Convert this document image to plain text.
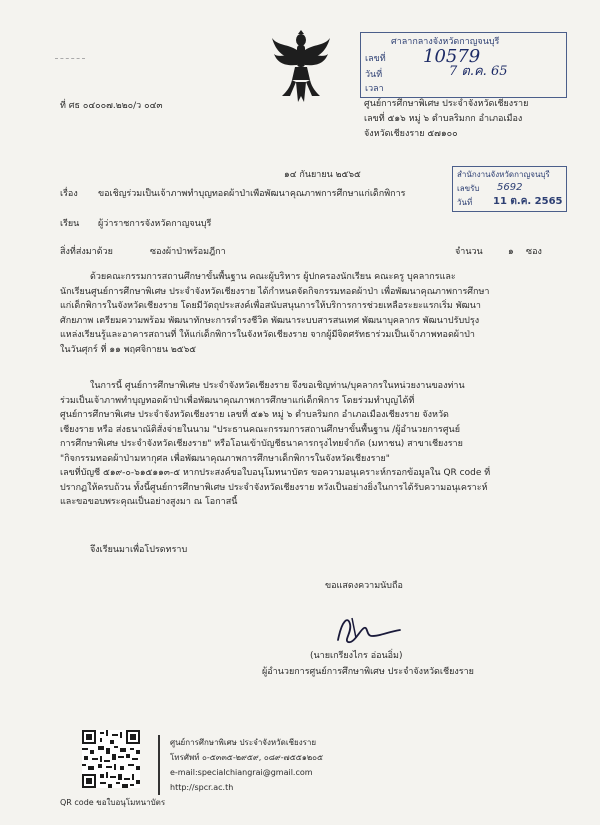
ศาลากลางจังหวัดกาญจนบุรี
เลขที่ 10579
วันที่	7 ต.ค. 65
เวลา
ที่ ศธ ๐๔๐๐๗.๒๒๐/ว ๐๔๓	ศูนย์การศึกษาพิเศษ ประจำจังหวัดเชียงราย
เลขที่ ๕๑๖ หมู่ ๖ ตำบลริมกก อำเภอเมือง
จังหวัดเชียงราย ๕๗๑๐๐
๑๔ กันยายน ๒๕๖๕	สำนักงานจังหวัดกาญจนบุรี
เลขรับ 5692
วันที่ 11 ต.ค. 2565
เรื่อง ขอเชิญร่วมเป็นเจ้าภาพทำบุญทอดผ้าป่าเพื่อพัฒนาคุณภาพการศึกษาแก่เด็กพิการ
เรียน ผู้ว่าราชการจังหวัดกาญจนบุรี
สิ่งที่ส่งมาด้วย	ซองผ้าป่าพร้อมฎีกา	จำนวน	๑ ซอง
ด้วยคณะกรรมการสถานศึกษาขั้นพื้นฐาน คณะผู้บริหาร ผู้ปกครองนักเรียน คณะครู บุคลากรและ
นักเรียนศูนย์การศึกษาพิเศษ ประจำจังหวัดเชียงราย ได้กำหนดจัดกิจกรรมทอดผ้าป่า เพื่อพัฒนาคุณภาพการศึกษา
แก่เด็กพิการในจังหวัดเชียงราย โดยมีวัตถุประสงค์เพื่อสนับสนุนการให้บริการการช่วยเหลือระยะแรกเริ่ม พัฒนา
ศักยภาพ เตรียมความพร้อม พัฒนาทักษะการดำรงชีวิต พัฒนาระบบสารสนเทศ พัฒนาบุคลากร พัฒนาปรับปรุง
แหล่งเรียนรู้และอาคารสถานที่ ให้แก่เด็กพิการในจังหวัดเชียงราย จากผู้มีจิตศรัทธาร่วมเป็นเจ้าภาพทอดผ้าป่า
ในวันศุกร์ ที่ ๑๑ พฤศจิกายน ๒๕๖๕
ในการนี้ ศูนย์การศึกษาพิเศษ ประจำจังหวัดเชียงราย จึงขอเชิญท่าน/บุคลากรในหน่วยงานของท่าน
ร่วมเป็นเจ้าภาพทำบุญทอดผ้าป่าเพื่อพัฒนาคุณภาพการศึกษาแก่เด็กพิการ โดยร่วมทำบุญได้ที่
ศูนย์การศึกษาพิเศษ ประจำจังหวัดเชียงราย เลขที่ ๕๑๖ หมู่ ๖ ตำบลริมกก อำเภอเมืองเชียงราย จังหวัด
เชียงราย หรือ ส่งธนาณัติสั่งจ่ายในนาม "ประธานคณะกรรมการสถานศึกษาขั้นพื้นฐาน /ผู้อำนวยการศูนย์
การศึกษาพิเศษ ประจำจังหวัดเชียงราย" หรือโอนเข้าบัญชีธนาคารกรุงไทยจำกัด (มหาชน) สาขาเชียงราย
"กิจกรรมทอดผ้าป่ามหากุศล เพื่อพัฒนาคุณภาพการศึกษาเด็กพิการในจังหวัดเชียงราย"
เลขที่บัญชี ๕๑๙-๐-๖๑๕๑๑๓-๕ หากประสงค์ขอใบอนุโมทนาบัตร ขอความอนุเคราะห์กรอกข้อมูลใน QR code ที่
ปรากฏให้ครบถ้วน ทั้งนี้ศูนย์การศึกษาพิเศษ ประจำจังหวัดเชียงราย หวังเป็นอย่างยิ่งในการได้รับความอนุเคราะห์
และขอขอบพระคุณเป็นอย่างสูงมา ณ โอกาสนี้
จึงเรียนมาเพื่อโปรดทราบ
ขอแสดงความนับถือ
(นายเกรียงไกร อ่อนอิ่ม)
ผู้อำนวยการศูนย์การศึกษาพิเศษ ประจำจังหวัดเชียงราย
QR code ขอใบอนุโมทนาบัตร
ศูนย์การศึกษาพิเศษ ประจำจังหวัดเชียงราย
โทรศัพท์ ๐-๕๓๓๕-๒๙๕๙, ๐๘๙-๗๕๕๑๒๐๕
e-mail:specialchiangrai@gmail.com
http://spcr.ac.th
